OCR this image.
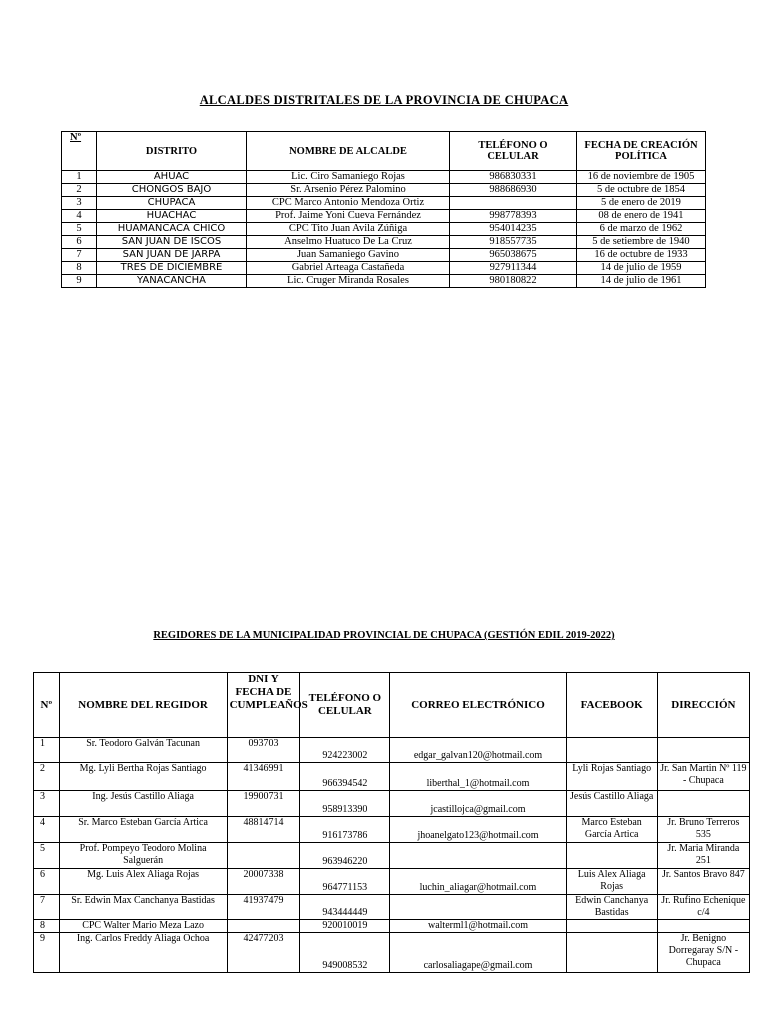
ALCALDES DISTRITALES DE LA PROVINCIA DE CHUPACA
Nº	DISTRITO	NOMBRE DE ALCALDE	TELÉFONO O CELULAR	FECHA DE CREACIÓN POLÍTICA
1	AHUAC	Lic. Ciro Samaniego Rojas	986830331	16 de noviembre de 1905
2	CHONGOS BAJO	Sr. Arsenio Pérez Palomino	988686930	5 de octubre de 1854
3	CHUPACA	CPC Marco Antonio Mendoza Ortiz		5 de enero de 2019
4	HUACHAC	Prof. Jaime Yoni Cueva Fernández	998778393	08 de enero de 1941
5	HUAMANCACA CHICO	CPC Tito Juan Avila Zúñiga	954014235	6 de marzo de 1962
6	SAN JUAN DE ISCOS	Anselmo Huatuco De La Cruz	918557735	5 de setiembre de 1940
7	SAN JUAN DE JARPA	Juan Samaniego Gavino	965038675	16 de octubre de 1933
8	TRES DE DICIEMBRE	Gabriel Arteaga Castañeda	927911344	14 de julio de 1959
9	YANACANCHA	Lic. Cruger Miranda Rosales	980180822	14 de julio de 1961
REGIDORES DE LA MUNICIPALIDAD PROVINCIAL DE CHUPACA (GESTIÓN EDIL 2019-2022)
Nº	NOMBRE DEL REGIDOR	DNI Y FECHA DE CUMPLEAÑOS	TELÉFONO O CELULAR	CORREO ELECTRÓNICO	FACEBOOK	DIRECCIÓN
1	Sr. Teodoro Galván Tacunan	093703	924223002	edgar_galvan120@hotmail.com		
2	Mg. Lyli Bertha Rojas Santiago	41346991	966394542	liberthal_1@hotmail.com	Lyli Rojas Santiago	Jr. San Martin Nº 119 - Chupaca
3	Ing. Jesús Castillo Aliaga	19900731	958913390	jcastillojca@gmail.com	Jesús Castillo Aliaga	
4	Sr. Marco Esteban García Artica	48814714	916173786	jhoanelgato123@hotmail.com	Marco Esteban García Artica	Jr. Bruno Terreros 535
5	Prof. Pompeyo Teodoro Molina Salguerán		963946220			Jr. Maria Miranda 251
6	Mg. Luis Alex Aliaga Rojas	20007338	964771153	luchin_aliagar@hotmail.com	Luis Alex Aliaga Rojas	Jr. Santos Bravo 847
7	Sr. Edwin Max Canchanya Bastidas	41937479	943444449		Edwin Canchanya Bastidas	Jr. Rufino Echenique c/4
8	CPC Walter Mario Meza Lazo		920010019	walterml1@hotmail.com		
9	Ing. Carlos Freddy Aliaga Ochoa	42477203	949008532	carlosaliagape@gmail.com		Jr. Benigno Dorregaray S/N - Chupaca
